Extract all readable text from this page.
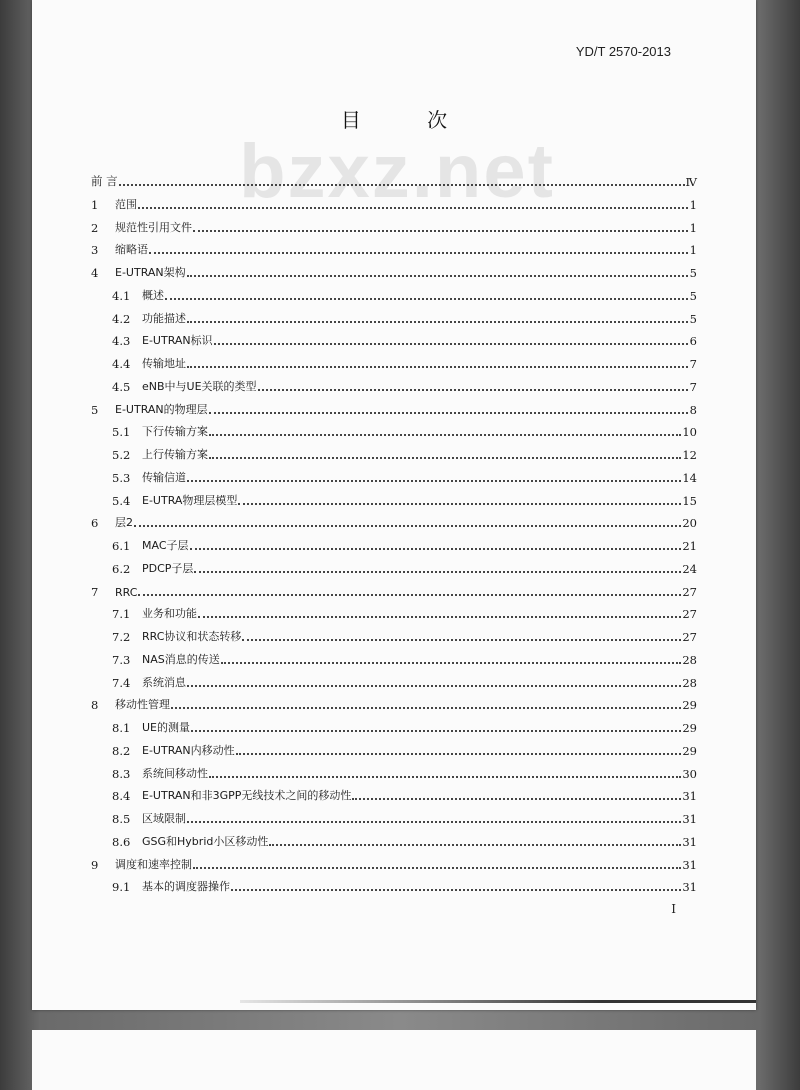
YD/T 2570-2013
目 次
bzxz.net
前 言	Ⅳ
1	范围	1
2	规范性引用文件	1
3	缩略语	1
4	E-UTRAN架构	5
4.1	概述	5
4.2	功能描述	5
4.3	E-UTRAN标识	6
4.4	传输地址	7
4.5	eNB中与UE关联的类型	7
5	E-UTRAN的物理层	8
5.1	下行传输方案	10
5.2	上行传输方案	12
5.3	传输信道	14
5.4	E-UTRA物理层模型	15
6	层2	20
6.1	MAC子层	21
6.2	PDCP子层	24
7	RRC	27
7.1	业务和功能	27
7.2	RRC协议和状态转移	27
7.3	NAS消息的传送	28
7.4	系统消息	28
8	移动性管理	29
8.1	UE的测量	29
8.2	E-UTRAN内移动性	29
8.3	系统间移动性	30
8.4	E-UTRAN和非3GPP无线技术之间的移动性	31
8.5	区域限制	31
8.6	GSG和Hybrid小区移动性	31
9	调度和速率控制	31
9.1	基本的调度器操作	31
I
